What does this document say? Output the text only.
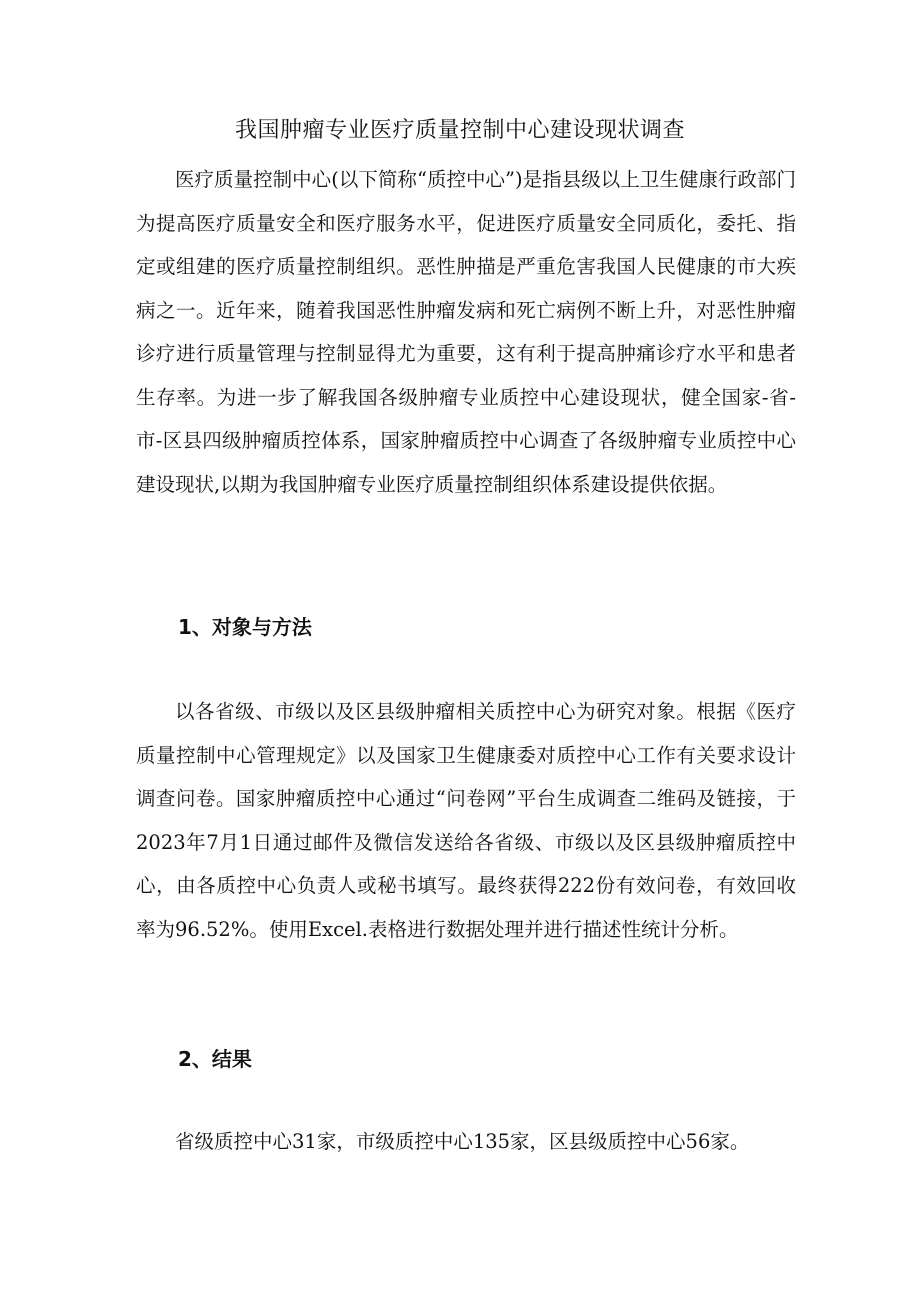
我国肿瘤专业医疗质量控制中心建设现状调查

医疗质量控制中心(以下简称“质控中心”)是指县级以上卫生健康行政部门为提高医疗质量安全和医疗服务水平，促进医疗质量安全同质化，委托、指定或组建的医疗质量控制组织。恶性肿描是严重危害我国人民健康的市大疾病之一。近年来，随着我国恶性肿瘤发病和死亡病例不断上升，对恶性肿瘤诊疗进行质量管理与控制显得尤为重要，这有利于提高肿痛诊疗水平和患者生存率。为进一步了解我国各级肿瘤专业质控中心建设现状，健全国家-省-市-区县四级肿瘤质控体系，国家肿瘤质控中心调查了各级肿瘤专业质控中心建设现状,以期为我国肿瘤专业医疗质量控制组织体系建设提供依据。

1、对象与方法

以各省级、市级以及区县级肿瘤相关质控中心为研究对象。根据《医疗质量控制中心管理规定》以及国家卫生健康委对质控中心工作有关要求设计调查问卷。国家肿瘤质控中心通过“问卷网”平台生成调查二维码及链接，于2023年7月1日通过邮件及微信发送给各省级、市级以及区县级肿瘤质控中心，由各质控中心负责人或秘书填写。最终获得222份有效问卷，有效回收率为96.52%。使用Excel.表格进行数据处理并进行描述性统计分析。

2、结果

省级质控中心31家，市级质控中心135家，区县级质控中心56家。
